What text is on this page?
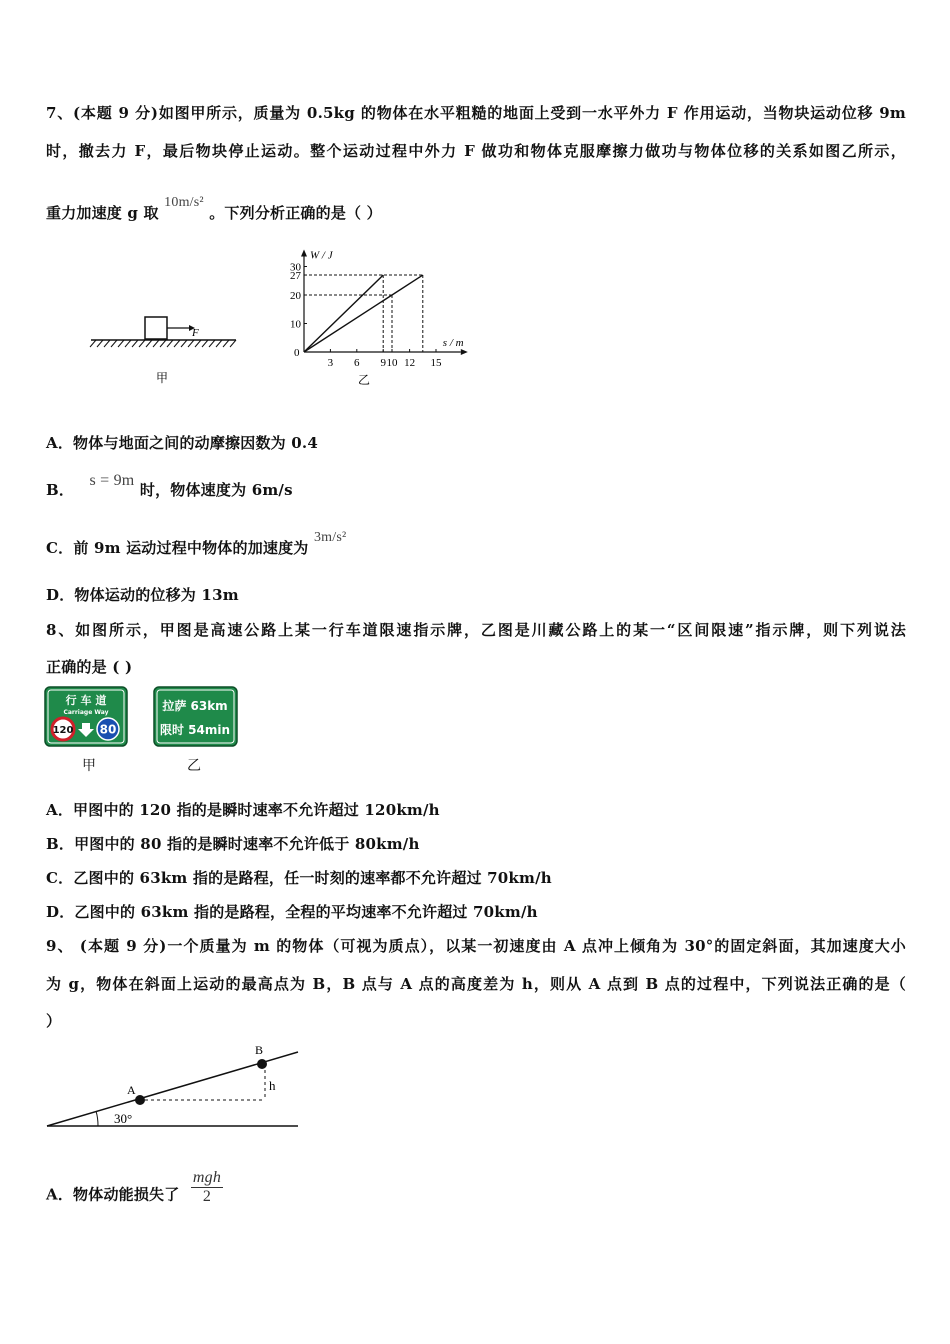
7、(本题 9 分)如图甲所示，质量为 0.5kg 的物体在水平粗糙的地面上受到一水平外力 F 作用运动，当物块运动位移 9m
时，撤去力 F，最后物块停止运动。整个运动过程中外力 F 做功和物体克服摩擦力做功与物体位移的关系如图乙所示，
重力加速度 g 取 10m/s² 。下列分析正确的是（ ）
F
甲
3 6 9 10 12 15
10
20
27
30
W / J
s / m
0
乙
A．物体与地面之间的动摩擦因数为 0.4
B． s = 9m 时，物体速度为 6m/s
C．前 9m 运动过程中物体的加速度为 3m/s²
D．物体运动的位移为 13m
8、如图所示，甲图是高速公路上某一行车道限速指示牌，乙图是川藏公路上的某一“区间限速”指示牌，则下列说法
正确的是 ( )
行 车 道
Carriage Way
120 80
甲
拉萨 63km
限时 54min
乙
A．甲图中的 120 指的是瞬时速率不允许超过 120km/h
B．甲图中的 80 指的是瞬时速率不允许低于 80km/h
C．乙图中的 63km 指的是路程，任一时刻的速率都不允许超过 70km/h
D．乙图中的 63km 指的是路程，全程的平均速率不允许超过 70km/h
9、 (本题 9 分)一个质量为 m 的物体（可视为质点），以某一初速度由 A 点冲上倾角为 30°的固定斜面，其加速度大小
为 g，物体在斜面上运动的最高点为 B，B 点与 A 点的高度差为 h，则从 A 点到 B 点的过程中，下列说法正确的是（
）
30°
A
B
h
A．物体动能损失了 $\frac{\text{mgh}}{2}$
